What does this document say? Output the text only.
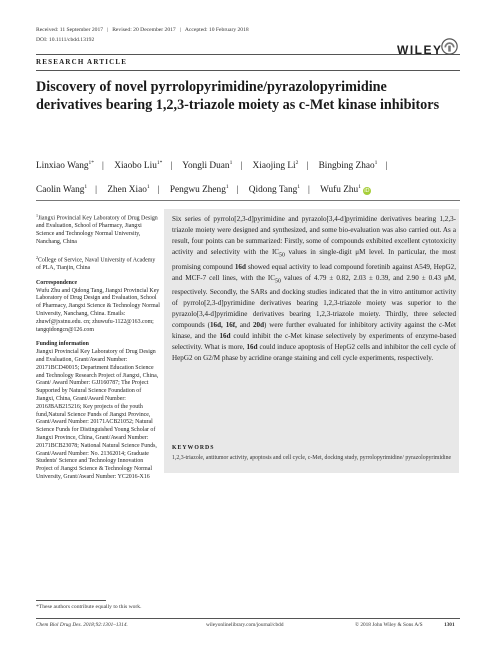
Received: 11 September 2017 | Revised: 20 December 2017 | Accepted: 10 February 2018
DOI: 10.1111/cbdd.13192
WILEY
RESEARCH ARTICLE
Discovery of novel pyrrolopyrimidine/pyrazolopyrimidine derivatives bearing 1,2,3-triazole moiety as c-Met kinase inhibitors
Linxiao Wang$^{1*}$ | Xiaobo Liu$^{1*}$ | Yongli Duan$^1$ | Xiaojing Li$^2$ | Bingbing Zhao$^1$ |
Caolin Wang$^1$ | Zhen Xiao$^1$ | Pengwu Zheng$^1$ | Qidong Tang$^1$ | Wufu Zhu$^1$iD

$^1$Jiangxi Provincial Key Laboratory of Drug Design and Evaluation, School of Pharmacy, Jiangxi Science and Technology Normal University, Nanchang, China

$^2$College of Service, Naval University of Academy of PLA, Tianjin, China

Correspondence

Wufu Zhu and Qidong Tang, Jiangxi Provincial Key Laboratory of Drug Design and Evaluation, School of Pharmacy, Jiangxi Science & Technology Normal University, Nanchang, China. Emails: zhuwf@jxstnu.edu. cn; zhuwufu-1122@163.com; tangqidongcn@126.com

Funding information

Jiangxi Provincial Key Laboratory of Drug Design and Evaluation, Grant/Award Number: 20171BCD40015; Department Education Science and Technology Research Project of Jiangxi, China, Grant/ Award Number: GJJ160787; The Project Supported by Natural Science Foundation of Jiangxi, China, Grant/Award Number: 2016JBAB215216; Key projects of the youth fund,Natural Science Funds of Jiangxi Province, Grant/Award Number: 20171ACB21052; Natural Science Funds for Distinguished Young Scholar of Jiangxi Province, China, Grant/Award Number: 20171BCB23078; National Natural Science Funds, Grant/Award Number: No. 21362014; Graduate Students' Science and Technology Innovation Project of Jiangxi Science & Technology Normal University, Grant/Award Number: YC2016-X16

Six series of pyrrolo[2,3-d]pyrimidine and pyrazolo[3,4-d]pyrimidine derivatives bearing 1,2,3-triazole moiety were designed and synthesized, and some bio-evaluation was also carried out. As a result, four points can be summarized: Firstly, some of compounds exhibited excellent cytotoxicity activity and selectivity with the $IC_{50}$ values in single-digit μM level. In particular, the most promising compound 16d showed equal activity to lead compound foretinib against A549, HepG2, and MCF-7 cell lines, with the $IC_{50}$ values of 4.79 ± 0.82, 2.03 ± 0.39, and 2.90 ± 0.43 μM, respectively. Secondly, the SARs and docking studies indicated that the in vitro antitumor activity of pyrrolo[2,3-d]pyrimidine derivatives bearing 1,2,3-triazole moiety was superior to the pyrazolo[3,4-d]pyrimidine derivatives bearing 1,2,3-triazole moiety. Thirdly, three selected compounds (16d, 16f, and 20d) were further evaluated for inhibitory activity against the c-Met kinase, and the 16d could inhibit the c-Met kinase selectively by experiments of enzyme-based selectivity. What is more, 16d could induce apoptosis of HepG2 cells and inhibitor the cell cycle of HepG2 on G2/M phase by acridine orange staining and cell cycle experiments, respectively.

KEYWORDS
1,2,3-triazole, antitumor activity, apoptosis and cell cycle, c-Met, docking study, pyrrolopyrimidine/ pyrazolopyrimidine
*These authors contribute equally to this work.
Chem Biol Drug Des. 2018;92:1301–1314.	wileyonlinelibrary.com/journal/cbdd	© 2018 John Wiley & Sons A/S	1301
